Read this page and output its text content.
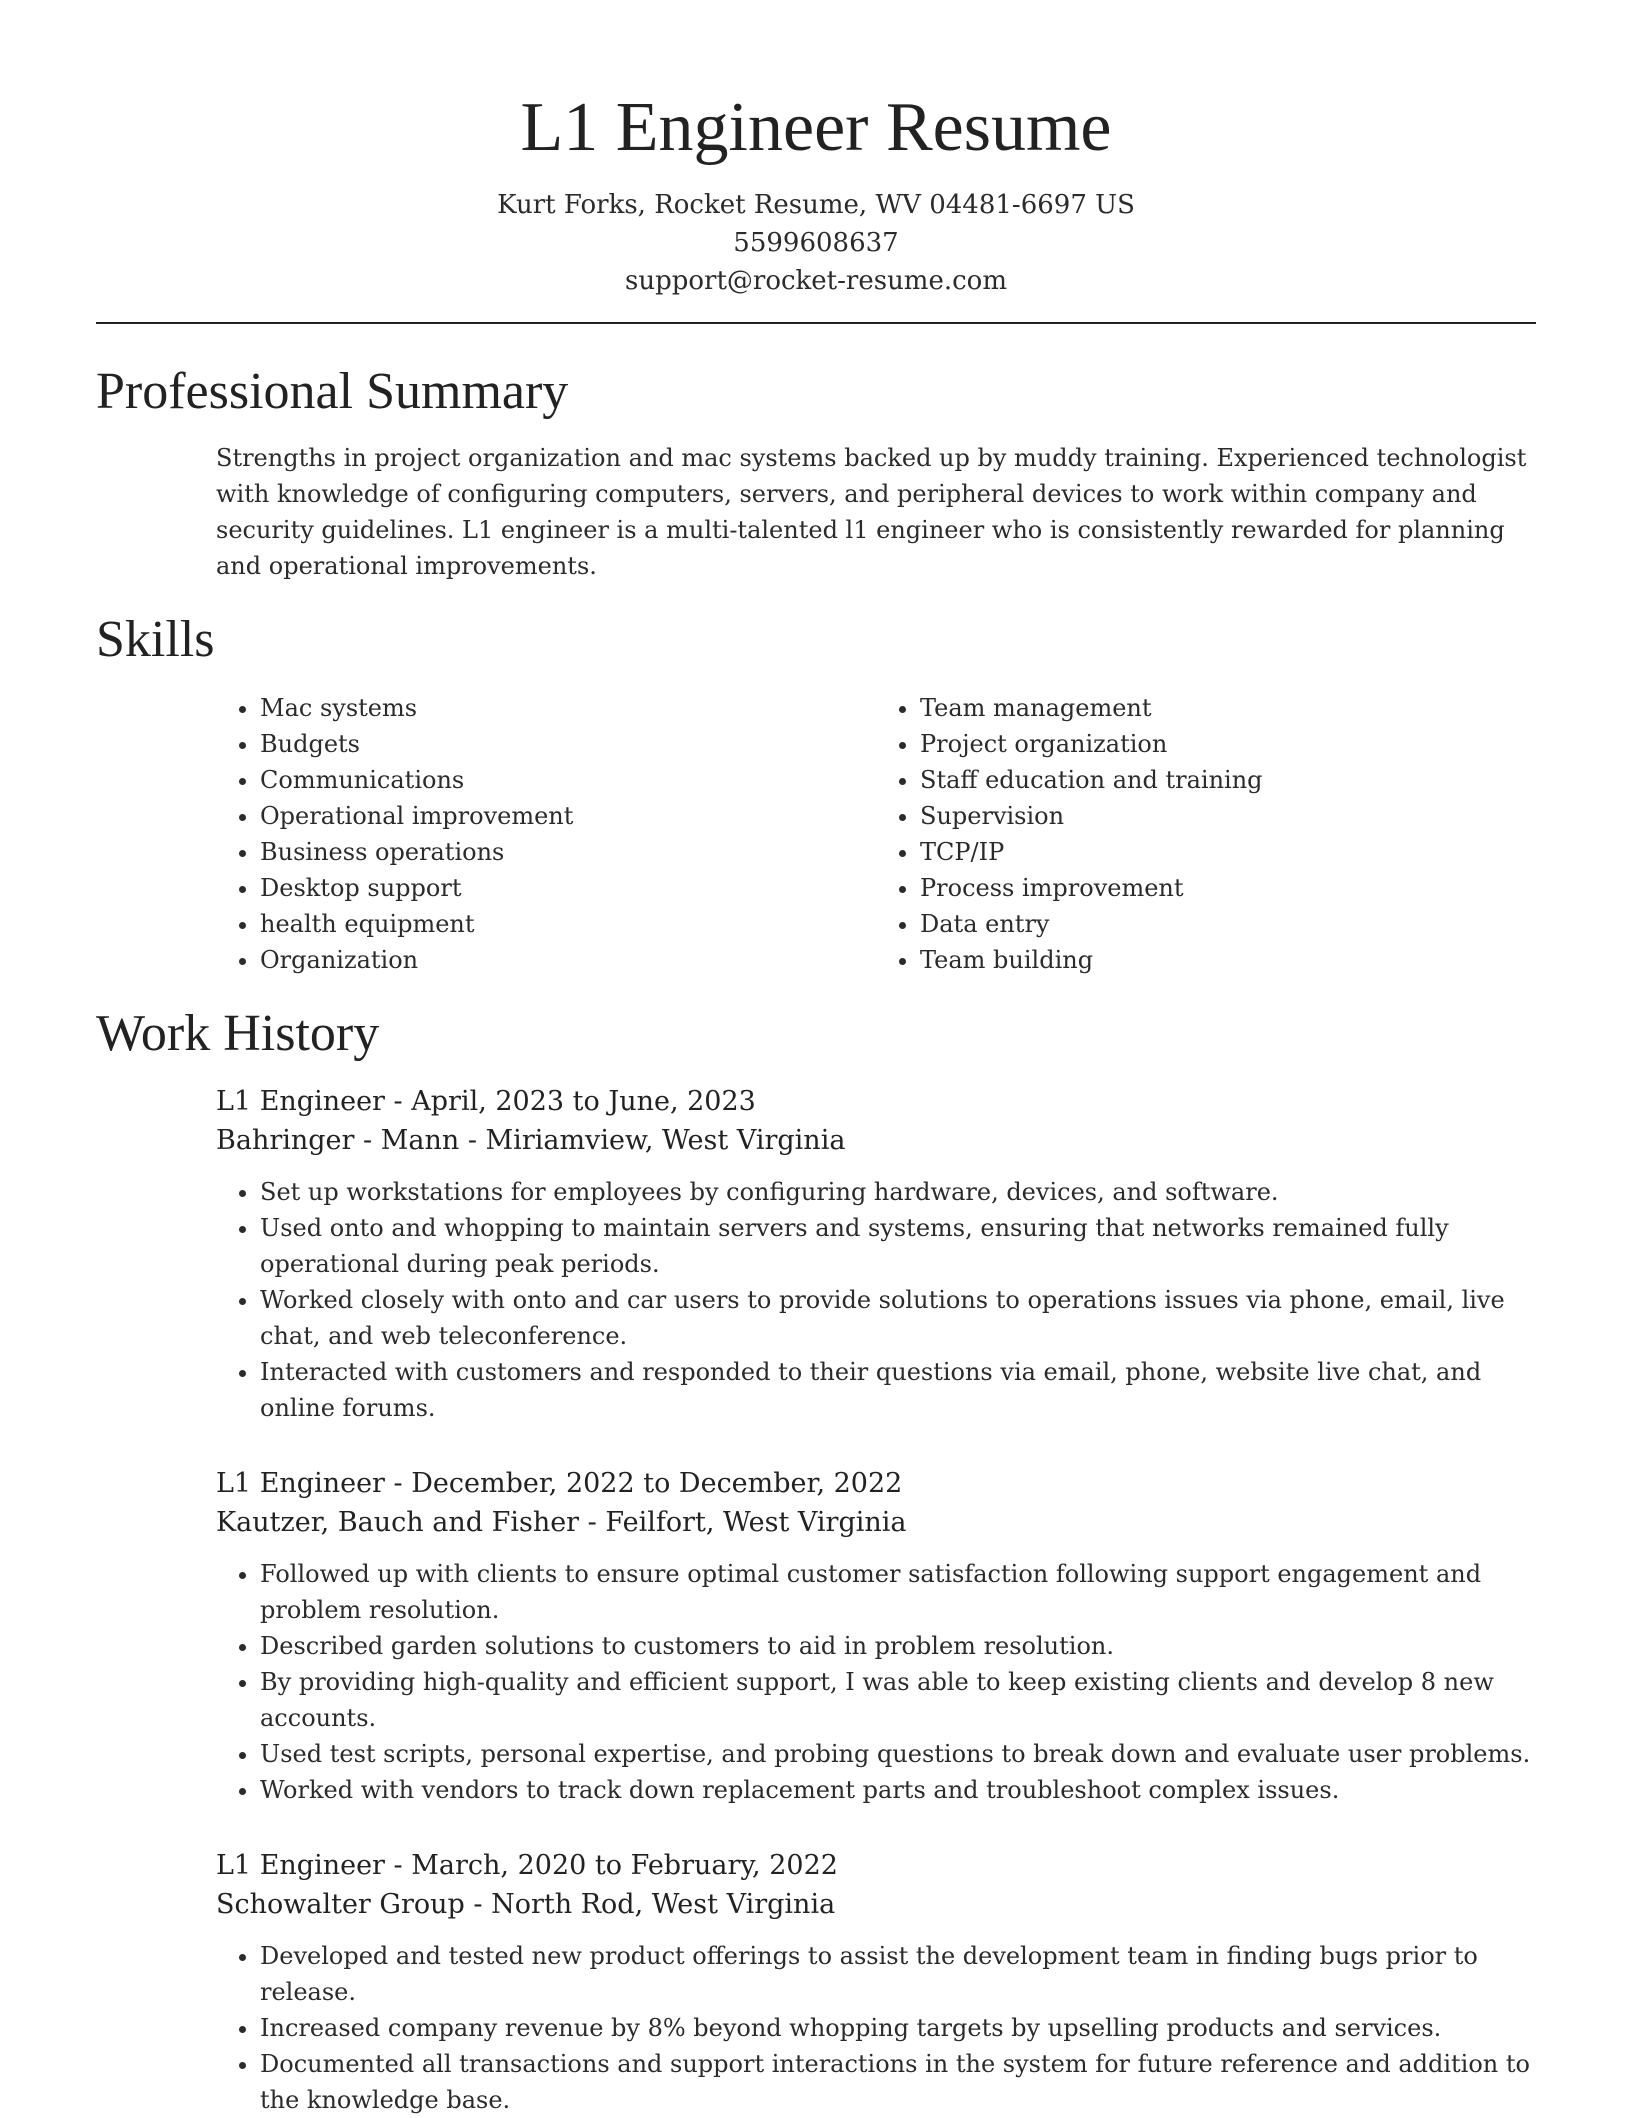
L1 Engineer Resume

Kurt Forks, Rocket Resume, WV 04481-6697 US

5599608637

support@rocket-resume.com

Professional Summary

Strengths in project organization and mac systems backed up by muddy training. Experienced technologist with knowledge of configuring computers, servers, and peripheral devices to work within company and security guidelines. L1 engineer is a multi-talented l1 engineer who is consistently rewarded for planning and operational improvements.

Skills
• Mac systems
• Budgets
• Communications
• Operational improvement
• Business operations
• Desktop support
• health equipment
• Organization
• Team management
• Project organization
• Staff education and training
• Supervision
• TCP/IP
• Process improvement
• Data entry
• Team building
Work History

L1 Engineer - April, 2023 to June, 2023

Bahringer - Mann - Miriamview, West Virginia

• Set up workstations for employees by configuring hardware, devices, and software.
• Used onto and whopping to maintain servers and systems, ensuring that networks remained fully operational during peak periods.
• Worked closely with onto and car users to provide solutions to operations issues via phone, email, live chat, and web teleconference.
• Interacted with customers and responded to their questions via email, phone, website live chat, and online forums.

L1 Engineer - December, 2022 to December, 2022

Kautzer, Bauch and Fisher - Feilfort, West Virginia

• Followed up with clients to ensure optimal customer satisfaction following support engagement and problem resolution.
• Described garden solutions to customers to aid in problem resolution.
• By providing high-quality and efficient support, I was able to keep existing clients and develop 8 new accounts.
• Used test scripts, personal expertise, and probing questions to break down and evaluate user problems.
• Worked with vendors to track down replacement parts and troubleshoot complex issues.

L1 Engineer - March, 2020 to February, 2022

Schowalter Group - North Rod, West Virginia

• Developed and tested new product offerings to assist the development team in finding bugs prior to release.
• Increased company revenue by 8% beyond whopping targets by upselling products and services.
• Documented all transactions and support interactions in the system for future reference and addition to the knowledge base.
